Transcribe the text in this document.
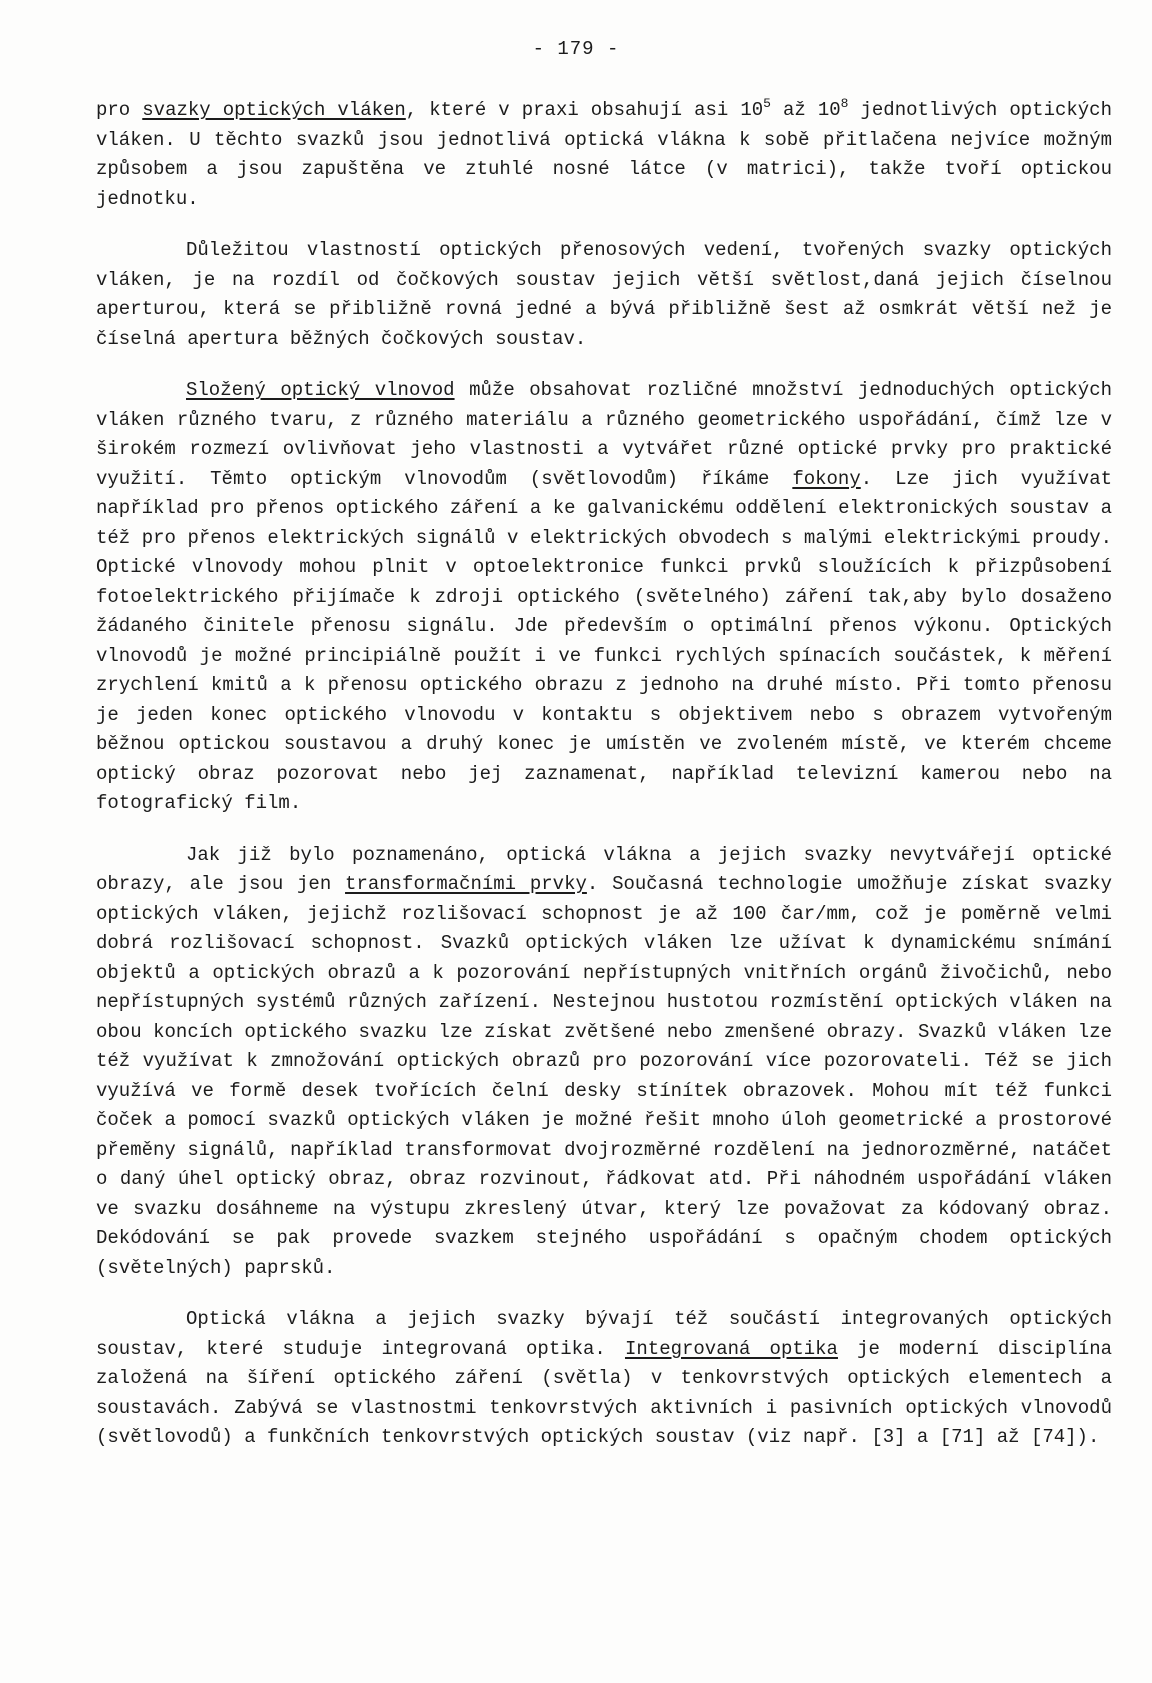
- 179 -

pro svazky optických vláken, které v praxi obsahují asi $10^5$ až $10^8$ jednotlivých optických vláken. U těchto svazků jsou jednotlivá optická vlákna k sobě přitlačena nejvíce možným způsobem a jsou zapuštěna ve ztuhlé nosné látce (v matrici), takže tvoří optickou jednotku.

Důležitou vlastností optických přenosových vedení, tvořených svazky optických vláken, je na rozdíl od čočkových soustav jejich větší světlost,daná jejich číselnou aperturou, která se přibližně rovná jedné a bývá přibližně šest až osmkrát větší než je číselná apertura běžných čočkových soustav.

Složený optický vlnovod může obsahovat rozličné množství jednoduchých optických vláken různého tvaru, z různého materiálu a různého geometrického uspořádání, čímž lze v širokém rozmezí ovlivňovat jeho vlastnosti a vytvářet různé optické prvky pro praktické využití. Těmto optickým vlnovodům (světlovodům) říkáme fokony. Lze jich využívat například pro přenos optického záření a ke galvanickému oddělení elektronických soustav a též pro přenos elektrických signálů v elektrických obvodech s malými elektrickými proudy. Optické vlnovody mohou plnit v optoelektronice funkci prvků sloužících k přizpůsobení fotoelektrického přijímače k zdroji optického (světelného) záření tak,aby bylo dosaženo žádaného činitele přenosu signálu. Jde především o optimální přenos výkonu. Optických vlnovodů je možné principiálně použít i ve funkci rychlých spínacích součástek, k měření zrychlení kmitů a k přenosu optického obrazu z jednoho na druhé místo. Při tomto přenosu je jeden konec optického vlnovodu v kontaktu s objektivem nebo s obrazem vytvořeným běžnou optickou soustavou a druhý konec je umístěn ve zvoleném místě, ve kterém chceme optický obraz pozorovat nebo jej zaznamenat, například televizní kamerou nebo na fotografický film.

Jak již bylo poznamenáno, optická vlákna a jejich svazky nevytvářejí optické obrazy, ale jsou jen transformačními prvky. Současná technologie umožňuje získat svazky optických vláken, jejichž rozlišovací schopnost je až 100 čar/mm, což je poměrně velmi dobrá rozlišovací schopnost. Svazků optických vláken lze užívat k dynamickému snímání objektů a optických obrazů a k pozorování nepřístupných vnitřních orgánů živočichů, nebo nepřístupných systémů různých zařízení. Nestejnou hustotou rozmístění optických vláken na obou koncích optického svazku lze získat zvětšené nebo zmenšené obrazy. Svazků vláken lze též využívat k zmnožování optických obrazů pro pozorování více pozorovateli. Též se jich využívá ve formě desek tvořících čelní desky stínítek obrazovek. Mohou mít též funkci čoček a pomocí svazků optických vláken je možné řešit mnoho úloh geometrické a prostorové přeměny signálů, například transformovat dvojrozměrné rozdělení na jednorozměrné, natáčet o daný úhel optický obraz, obraz rozvinout, řádkovat atd. Při náhodném uspořádání vláken ve svazku dosáhneme na výstupu zkreslený útvar, který lze považovat za kódovaný obraz. Dekódování se pak provede svazkem stejného uspořádání s opačným chodem optických (světelných) paprsků.

Optická vlákna a jejich svazky bývají též součástí integrovaných optických soustav, které studuje integrovaná optika. Integrovaná optika je moderní disciplína založená na šíření optického záření (světla) v tenkovrstvých optických elementech a soustavách. Zabývá se vlastnostmi tenkovrstvých aktivních i pasivních optických vlnovodů (světlovodů) a funkčních tenkovrstvých optických soustav (viz např. [3] a [71] až [74]).
